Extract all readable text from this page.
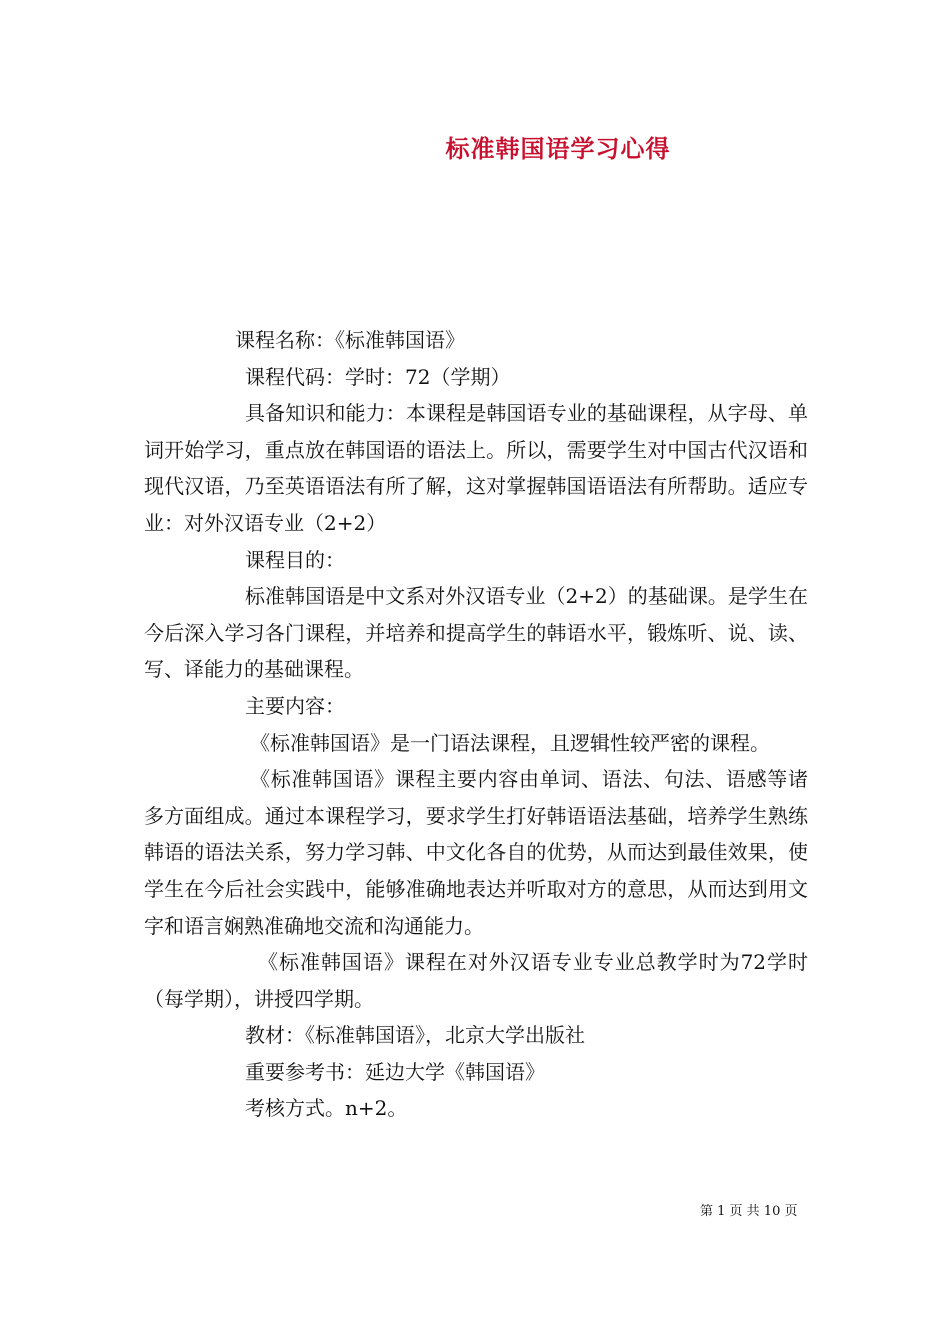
标准韩国语学习心得

课程名称：《标准韩国语》

课程代码：学时：72（学期）

具备知识和能力：本课程是韩国语专业的基础课程，从字母、单词开始学习，重点放在韩国语的语法上。所以，需要学生对中国古代汉语和现代汉语，乃至英语语法有所了解，这对掌握韩国语语法有所帮助。适应专业：对外汉语专业（2+2）

课程目的：

标准韩国语是中文系对外汉语专业（2+2）的基础课。是学生在今后深入学习各门课程，并培养和提高学生的韩语水平，锻炼听、说、读、写、译能力的基础课程。

主要内容：

《标准韩国语》是一门语法课程，且逻辑性较严密的课程。

《标准韩国语》课程主要内容由单词、语法、句法、语感等诸多方面组成。通过本课程学习，要求学生打好韩语语法基础，培养学生熟练韩语的语法关系，努力学习韩、中文化各自的优势，从而达到最佳效果，使学生在今后社会实践中，能够准确地表达并听取对方的意思，从而达到用文字和语言娴熟准确地交流和沟通能力。

《标准韩国语》课程在对外汉语专业专业总教学时为72学时（每学期），讲授四学期。

教材：《标准韩国语》，北京大学出版社

重要参考书：延边大学《韩国语》

考核方式。n+2。

第 1 页 共 10 页
